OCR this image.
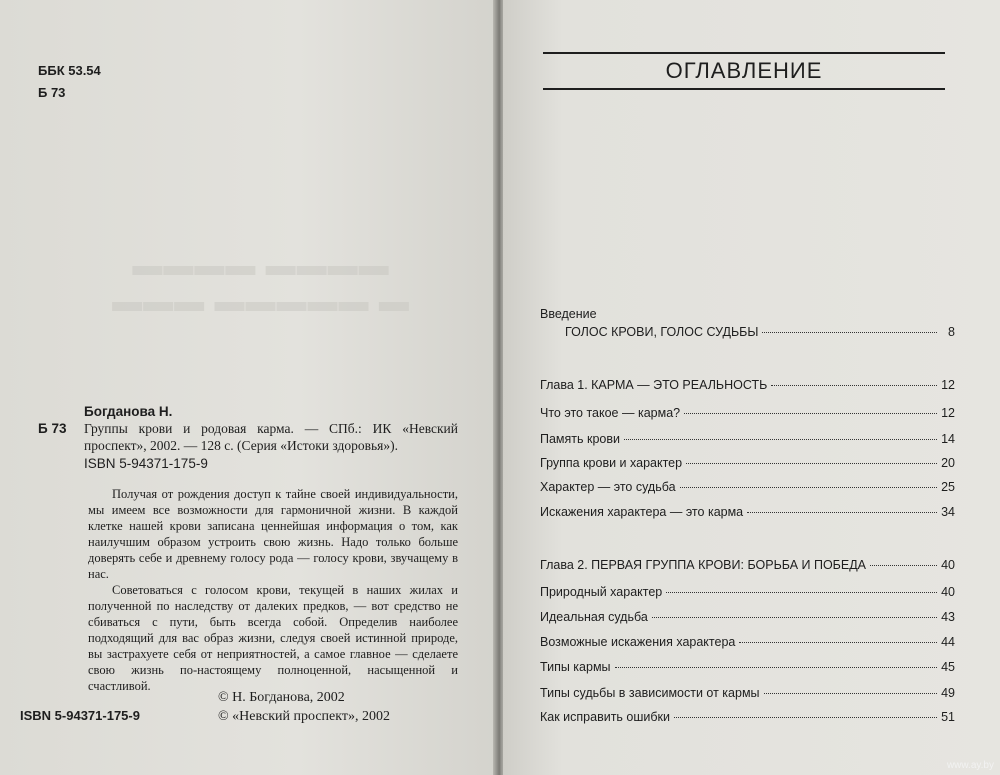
ББК 53.54
Б 73
▬▬▬▬ ▬▬▬▬
▬ ▬▬▬▬▬ ▬▬▬
Богданова Н.
Б 73	Группы крови и родовая карма. — СПб.: ИК «Невский проспект», 2002. — 128 с. (Серия «Истоки здоровья»).
ISBN 5-94371-175-9

Получая от рождения доступ к тайне своей индивидуальности, мы имеем все возможности для гармоничной жизни. В каждой клетке нашей крови записана ценнейшая информация о том, как наилучшим образом устроить свою жизнь. Надо только больше доверять себе и древнему голосу рода — голосу крови, звучащему в нас.

Советоваться с голосом крови, текущей в наших жилах и полученной по наследству от далеких предков, — вот средство не сбиваться с пути, быть всегда собой. Определив наиболее подходящий для вас образ жизни, следуя своей истинной природе, вы застрахуете себя от неприятностей, а самое главное — сделаете свою жизнь по-настоящему полноценной, насыщенной и счастливой.

ISBN 5-94371-175-9
© Н. Богданова, 2002
© «Невский проспект», 2002
ОГЛАВЛЕНИЕ
Введение
ГОЛОС КРОВИ, ГОЛОС СУДЬБЫ	8
Глава 1. КАРМА — ЭТО РЕАЛЬНОСТЬ	12
Что это такое — карма?	12
Память крови	14
Группа крови и характер	20
Характер — это судьба	25
Искажения характера — это карма	34
Глава 2. ПЕРВАЯ ГРУППА КРОВИ: БОРЬБА И ПОБЕДА	40
Природный характер	40
Идеальная судьба	43
Возможные искажения характера	44
Типы кармы	45
Типы судьбы в зависимости от кармы	49
Как исправить ошибки	51
www.ay.by
